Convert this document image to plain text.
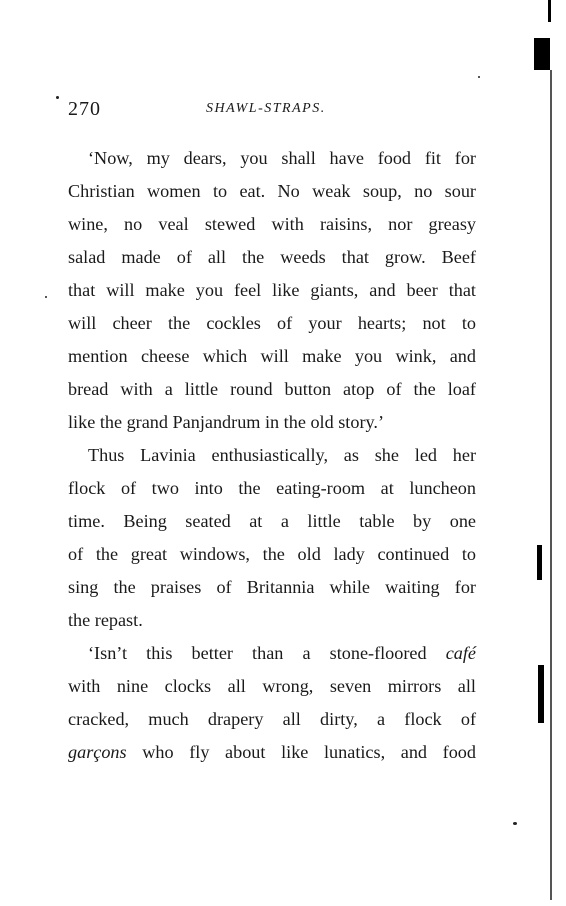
270	SHAWL-STRAPS.
‘Now, my dears, you shall have food fit for
Christian women to eat. No weak soup, no sour
wine, no veal stewed with raisins, nor greasy
salad made of all the weeds that grow. Beef
that will make you feel like giants, and beer that
will cheer the cockles of your hearts; not to
mention cheese which will make you wink, and
bread with a little round button atop of the loaf
like the grand Panjandrum in the old story.’
Thus Lavinia enthusiastically, as she led her
flock of two into the eating-room at luncheon
time. Being seated at a little table by one
of the great windows, the old lady continued to
sing the praises of Britannia while waiting for
the repast.
‘Isn’t this better than a stone-floored café
with nine clocks all wrong, seven mirrors all
cracked, much drapery all dirty, a flock of
garçons who fly about like lunatics, and food
